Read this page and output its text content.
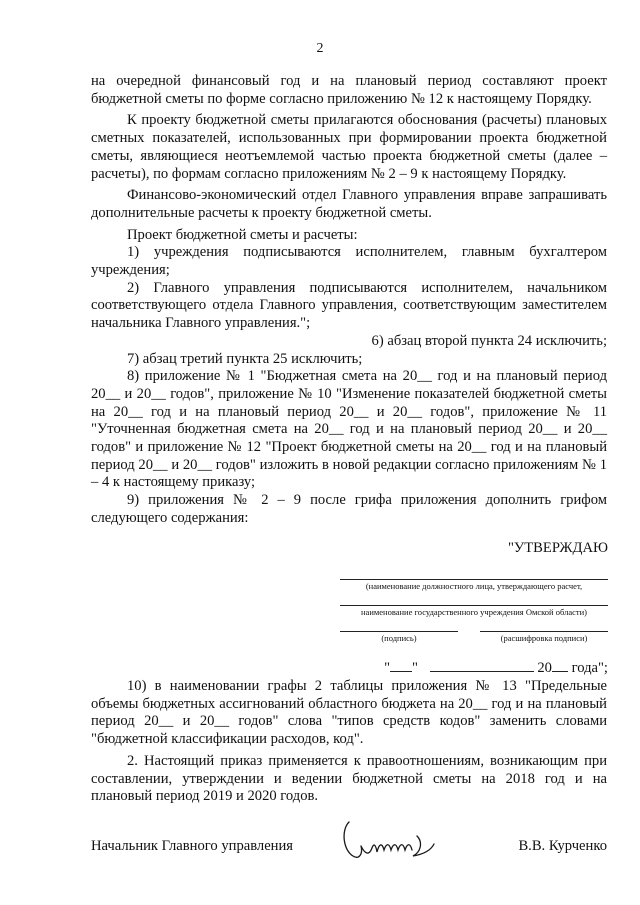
2

на очередной финансовый год и на плановый период составляют проект бюджетной сметы по форме согласно приложению № 12 к настоящему Порядку.

К проекту бюджетной сметы прилагаются обоснования (расчеты) плановых сметных показателей, использованных при формировании проекта бюджетной сметы, являющиеся неотъемлемой частью проекта бюджетной сметы (далее – расчеты), по формам согласно приложениям № 2 – 9 к настоящему Порядку.

Финансово-экономический отдел Главного управления вправе запрашивать дополнительные расчеты к проекту бюджетной сметы.

Проект бюджетной сметы и расчеты:

1) учреждения подписываются исполнителем, главным бухгалтером учреждения;

2) Главного управления подписываются исполнителем, начальником соответствующего отдела Главного управления, соответствующим заместителем начальника Главного управления.";

6) абзац второй пункта 24 исключить;

7) абзац третий пункта 25 исключить;

8) приложение № 1 "Бюджетная смета на 20__ год и на плановый период 20__ и 20__ годов", приложение № 10 "Изменение показателей бюджетной сметы на 20__ год и на плановый период 20__ и 20__ годов", приложение № 11 "Уточненная бюджетная смета на 20__ год и на плановый период 20__ и 20__ годов" и приложение № 12 "Проект бюджетной сметы на 20__ год и на плановый период 20__ и 20__ годов" изложить в новой редакции согласно приложениям № 1 – 4 к настоящему приказу;

9) приложения № 2 – 9 после грифа приложения дополнить грифом следующего содержания:

"УТВЕРЖДАЮ
(наименование должностного лица, утверждающего расчет,
наименование государственного учреждения Омской области)
(подпись)	(расшифровка подписи)
" "	20 года";

10) в наименовании графы 2 таблицы приложения № 13 "Предельные объемы бюджетных ассигнований областного бюджета на 20__ год и на плановый период 20__ и 20__ годов" слова "типов средств кодов" заменить словами "бюджетной классификации расходов, код".

2. Настоящий приказ применяется к правоотношениям, возникающим при составлении, утверждении и ведении бюджетной сметы на 2018 год и на плановый период 2019 и 2020 годов.

Начальник Главного управления	В.В. Курченко
